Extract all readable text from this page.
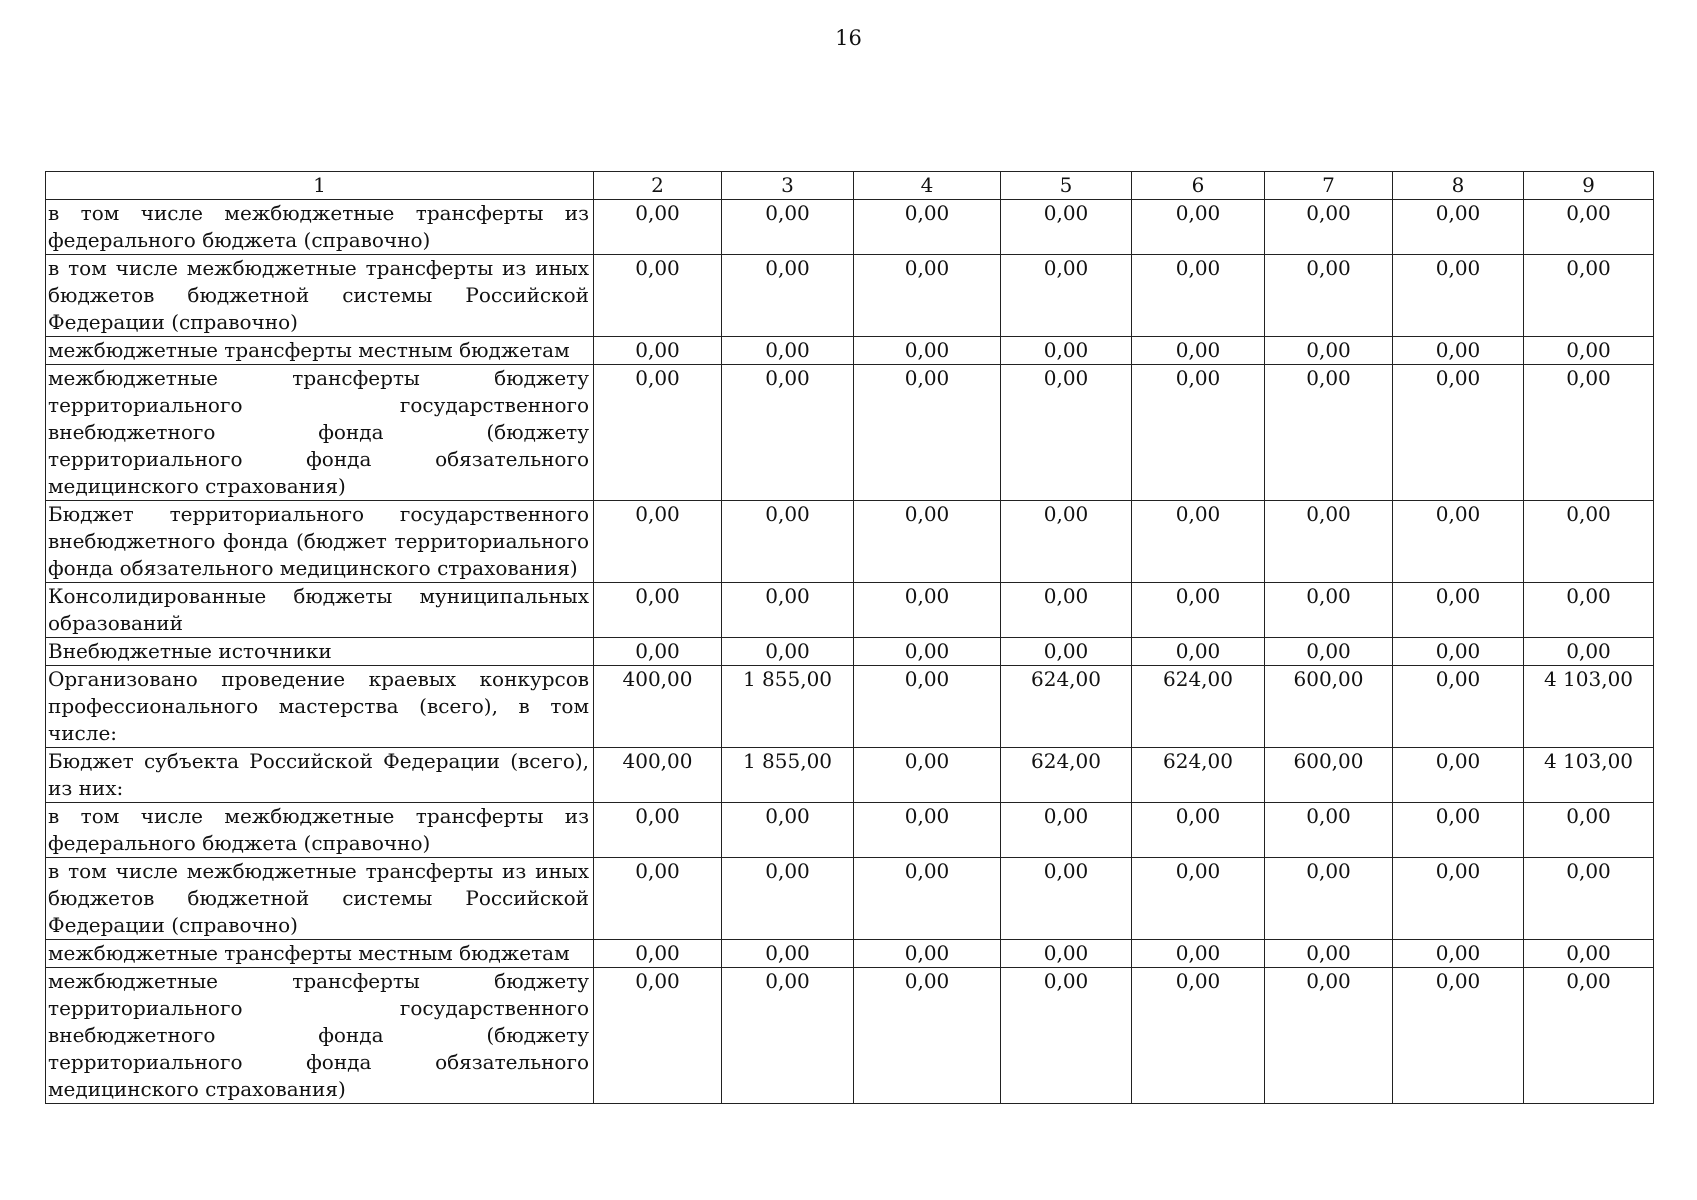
16
1	2	3	4	5	6	7	8	9
в том числе межбюджетные трансферты из федерального бюджета (справочно)	0,00	0,00	0,00	0,00	0,00	0,00	0,00	0,00
в том числе межбюджетные трансферты из иных бюджетов бюджетной системы Российской Федерации (справочно)	0,00	0,00	0,00	0,00	0,00	0,00	0,00	0,00
межбюджетные трансферты местным бюджетам	0,00	0,00	0,00	0,00	0,00	0,00	0,00	0,00
межбюджетные трансферты бюджету территориального государственного внебюджетного фонда (бюджету территориального фонда обязательного медицинского страхования)	0,00	0,00	0,00	0,00	0,00	0,00	0,00	0,00
Бюджет территориального государственного внебюджетного фонда (бюджет территориального фонда обязательного медицинского страхования)	0,00	0,00	0,00	0,00	0,00	0,00	0,00	0,00
Консолидированные бюджеты муниципальных образований	0,00	0,00	0,00	0,00	0,00	0,00	0,00	0,00
Внебюджетные источники	0,00	0,00	0,00	0,00	0,00	0,00	0,00	0,00
Организовано проведение краевых конкурсов профессионального мастерства (всего), в том числе:	400,00	1 855,00	0,00	624,00	624,00	600,00	0,00	4 103,00
Бюджет субъекта Российской Федерации (всего), из них:	400,00	1 855,00	0,00	624,00	624,00	600,00	0,00	4 103,00
в том числе межбюджетные трансферты из федерального бюджета (справочно)	0,00	0,00	0,00	0,00	0,00	0,00	0,00	0,00
в том числе межбюджетные трансферты из иных бюджетов бюджетной системы Российской Федерации (справочно)	0,00	0,00	0,00	0,00	0,00	0,00	0,00	0,00
межбюджетные трансферты местным бюджетам	0,00	0,00	0,00	0,00	0,00	0,00	0,00	0,00
межбюджетные трансферты бюджету территориального государственного внебюджетного фонда (бюджету территориального фонда обязательного медицинского страхования)	0,00	0,00	0,00	0,00	0,00	0,00	0,00	0,00
